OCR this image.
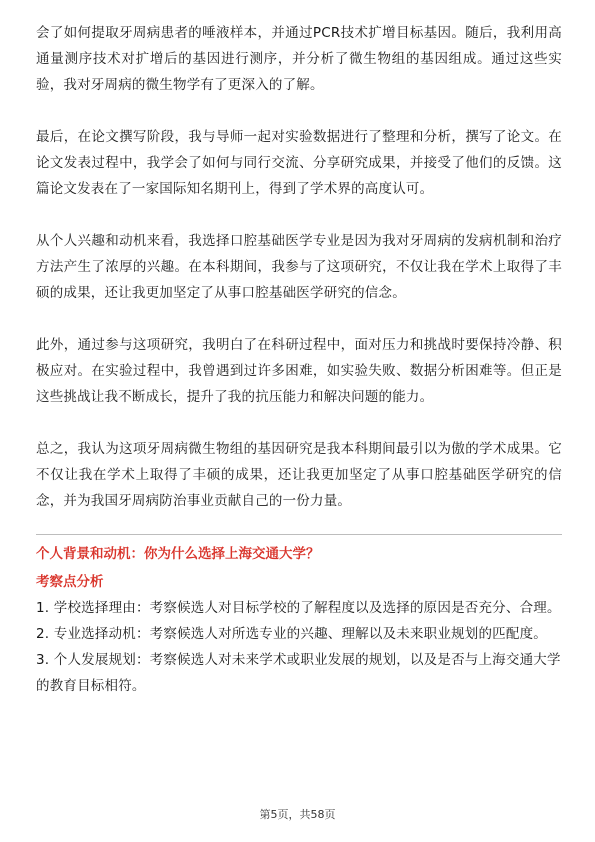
会了如何提取牙周病患者的唾液样本，并通过PCR技术扩增目标基因。随后，我利用高通量测序技术对扩增后的基因进行测序，并分析了微生物组的基因组成。通过这些实验，我对牙周病的微生物学有了更深入的了解。

最后，在论文撰写阶段，我与导师一起对实验数据进行了整理和分析，撰写了论文。在论文发表过程中，我学会了如何与同行交流、分享研究成果，并接受了他们的反馈。这篇论文发表在了一家国际知名期刊上，得到了学术界的高度认可。

从个人兴趣和动机来看，我选择口腔基础医学专业是因为我对牙周病的发病机制和治疗方法产生了浓厚的兴趣。在本科期间，我参与了这项研究，不仅让我在学术上取得了丰硕的成果，还让我更加坚定了从事口腔基础医学研究的信念。

此外，通过参与这项研究，我明白了在科研过程中，面对压力和挑战时要保持冷静、积极应对。在实验过程中，我曾遇到过许多困难，如实验失败、数据分析困难等。但正是这些挑战让我不断成长，提升了我的抗压能力和解决问题的能力。

总之，我认为这项牙周病微生物组的基因研究是我本科期间最引以为傲的学术成果。它不仅让我在学术上取得了丰硕的成果，还让我更加坚定了从事口腔基础医学研究的信念，并为我国牙周病防治事业贡献自己的一份力量。

个人背景和动机：你为什么选择上海交通大学？
考察点分析
1. 学校选择理由：考察候选人对目标学校的了解程度以及选择的原因是否充分、合理。
2. 专业选择动机：考察候选人对所选专业的兴趣、理解以及未来职业规划的匹配度。
3. 个人发展规划：考察候选人对未来学术或职业发展的规划，以及是否与上海交通大学的教育目标相符。
第5页，共58页
